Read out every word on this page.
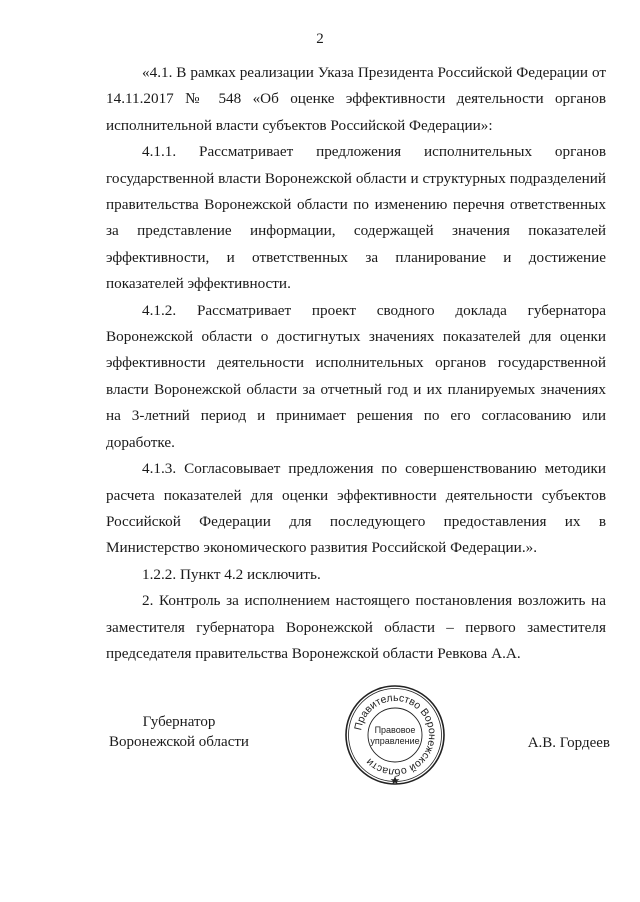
2

«4.1. В рамках реализации Указа Президента Российской Федерации от 14.11.2017 № 548 «Об оценке эффективности деятельности органов исполнительной власти субъектов Российской Федерации»:

4.1.1. Рассматривает предложения исполнительных органов государственной власти Воронежской области и структурных подразделений правительства Воронежской области по изменению перечня ответственных за представление информации, содержащей значения показателей эффективности, и ответственных за планирование и достижение показателей эффективности.

4.1.2. Рассматривает проект сводного доклада губернатора Воронежской области о достигнутых значениях показателей для оценки эффективности деятельности исполнительных органов государственной власти Воронежской области за отчетный год и их планируемых значениях на 3-летний период и принимает решения по его согласованию или доработке.

4.1.3. Согласовывает предложения по совершенствованию методики расчета показателей для оценки эффективности деятельности субъектов Российской Федерации для последующего предоставления их в Министерство экономического развития Российской Федерации.».

1.2.2. Пункт 4.2 исключить.

2. Контроль за исполнением настоящего постановления возложить на заместителя губернатора Воронежской области – первого заместителя председателя правительства Воронежской области Ревкова А.А.

Губернатор
Воронежской области
Правительство Воронежской области
Правовое
управление	А.В. Гордеев
